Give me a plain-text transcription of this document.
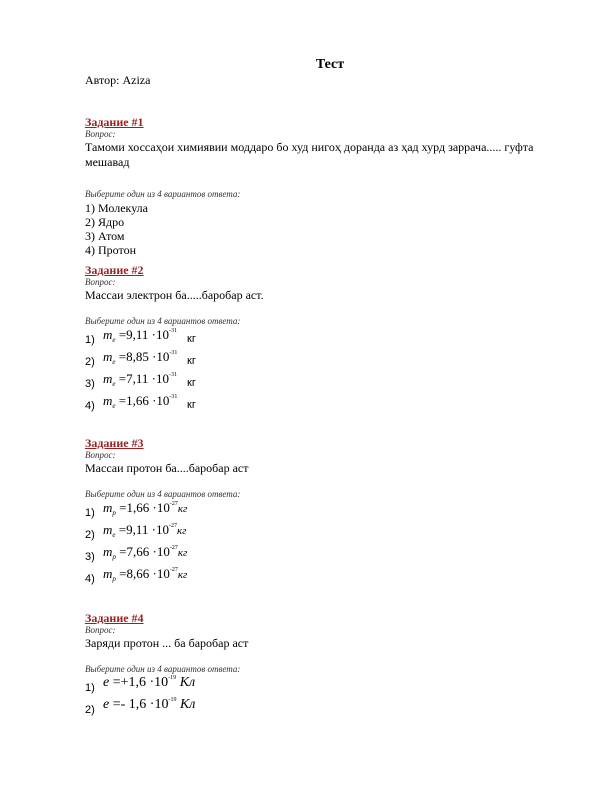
Тест
Автор: Aziza
Задание #1
Вопрос:
Тамоми хоссаҳои химиявии моддаро бо худ нигоҳ доранда аз ҳад хурд заррача..... гуфта мешавад
Выберите один из 4 вариантов ответа:
1) Молекула
2) Ядро
3) Атом
4) Протон
Задание #2
Вопрос:
Массаи электрон ба.....баробар аст.
Выберите один из 4 вариантов ответа:
1) $m_e =9,11 \cdot 10^{-31}$
кг
2) $m_e =8,85 \cdot 10^{-31}$
кг
3) $m_e =7,11 \cdot 10^{-31}$
кг
4) $m_e =1,66 \cdot 10^{-31}$
кг
Задание #3
Вопрос:
Массаи протон ба....баробар аст
Выберите один из 4 вариантов ответа:
1) $m_p =1,66 \cdot 10^{-27}кг$
2) $m_e =9,11 \cdot 10^{-27}кг$
3) $m_p =7,66 \cdot 10^{-27}кг$
4) $m_p =8,66 \cdot 10^{-27}кг$
Задание #4
Вопрос:
Заряди протон ... ба баробар аст
Выберите один из 4 вариантов ответа:
1) $e =+1,6 \cdot 10^{-19}$ Кл
2) $e =- 1,6 \cdot 10^{-19}$ Кл
